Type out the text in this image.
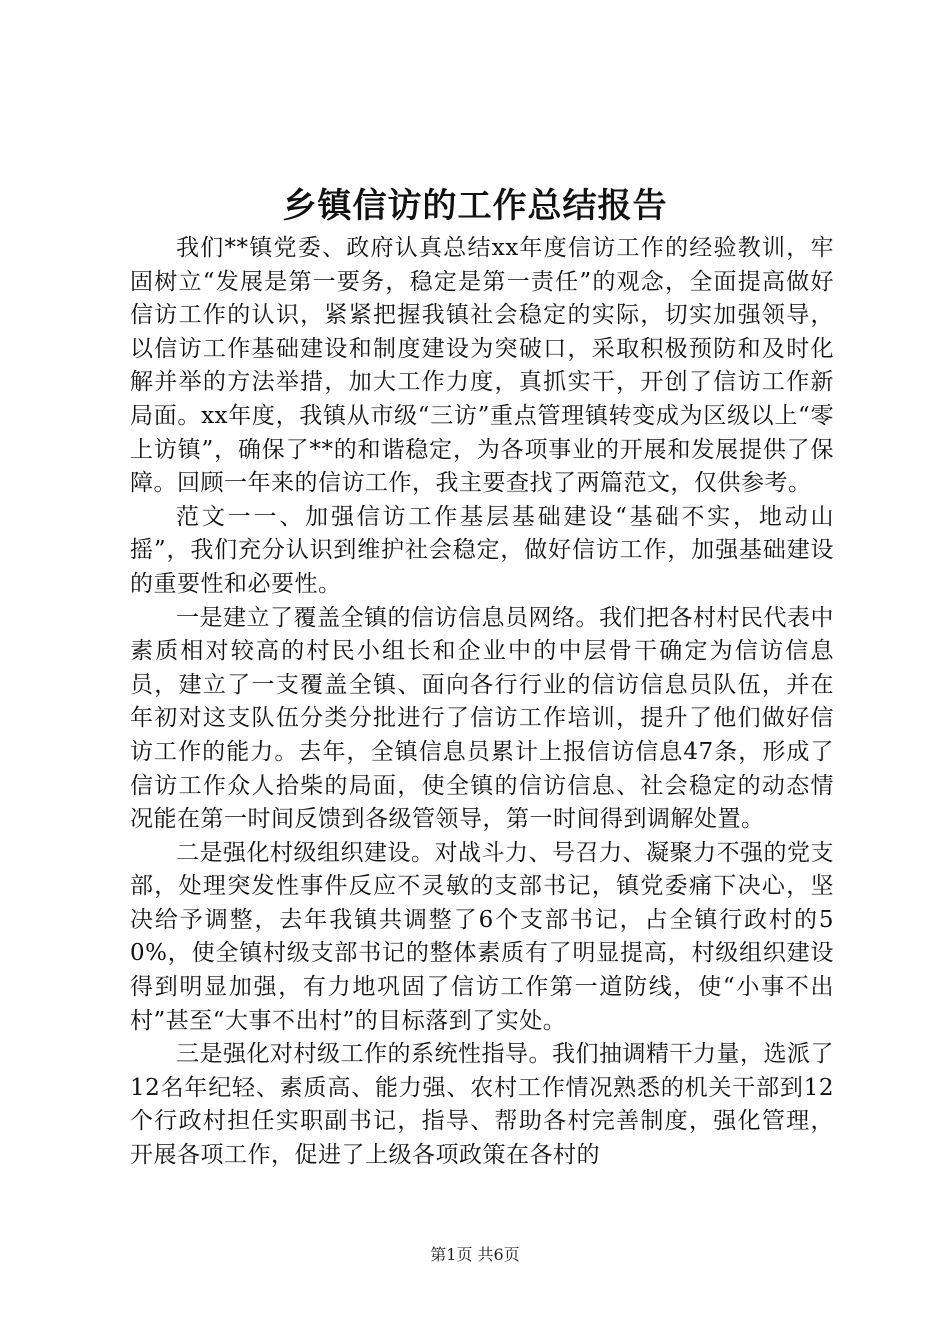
乡镇信访的工作总结报告

我们**镇党委、政府认真总结xx年度信访工作的经验教训，牢固树立“发展是第一要务，稳定是第一责任”的观念，全面提高做好信访工作的认识，紧紧把握我镇社会稳定的实际，切实加强领导，以信访工作基础建设和制度建设为突破口，采取积极预防和及时化解并举的方法举措，加大工作力度，真抓实干，开创了信访工作新局面。xx年度，我镇从市级“三访”重点管理镇转变成为区级以上“零上访镇”，确保了**的和谐稳定，为各项事业的开展和发展提供了保障。回顾一年来的信访工作，我主要查找了两篇范文，仅供参考。

范文一一、加强信访工作基层基础建设“基础不实，地动山摇”，我们充分认识到维护社会稳定，做好信访工作，加强基础建设的重要性和必要性。

一是建立了覆盖全镇的信访信息员网络。我们把各村村民代表中素质相对较高的村民小组长和企业中的中层骨干确定为信访信息员，建立了一支覆盖全镇、面向各行行业的信访信息员队伍，并在年初对这支队伍分类分批进行了信访工作培训，提升了他们做好信访工作的能力。去年，全镇信息员累计上报信访信息47条，形成了信访工作众人拾柴的局面，使全镇的信访信息、社会稳定的动态情况能在第一时间反馈到各级管领导，第一时间得到调解处置。

二是强化村级组织建设。对战斗力、号召力、凝聚力不强的党支部，处理突发性事件反应不灵敏的支部书记，镇党委痛下决心，坚决给予调整，去年我镇共调整了6个支部书记，占全镇行政村的50%，使全镇村级支部书记的整体素质有了明显提高，村级组织建设得到明显加强，有力地巩固了信访工作第一道防线，使“小事不出村”甚至“大事不出村”的目标落到了实处。

三是强化对村级工作的系统性指导。我们抽调精干力量，选派了12名年纪轻、素质高、能力强、农村工作情况熟悉的机关干部到12个行政村担任实职副书记，指导、帮助各村完善制度，强化管理，开展各项工作，促进了上级各项政策在各村的

第1页 共6页
